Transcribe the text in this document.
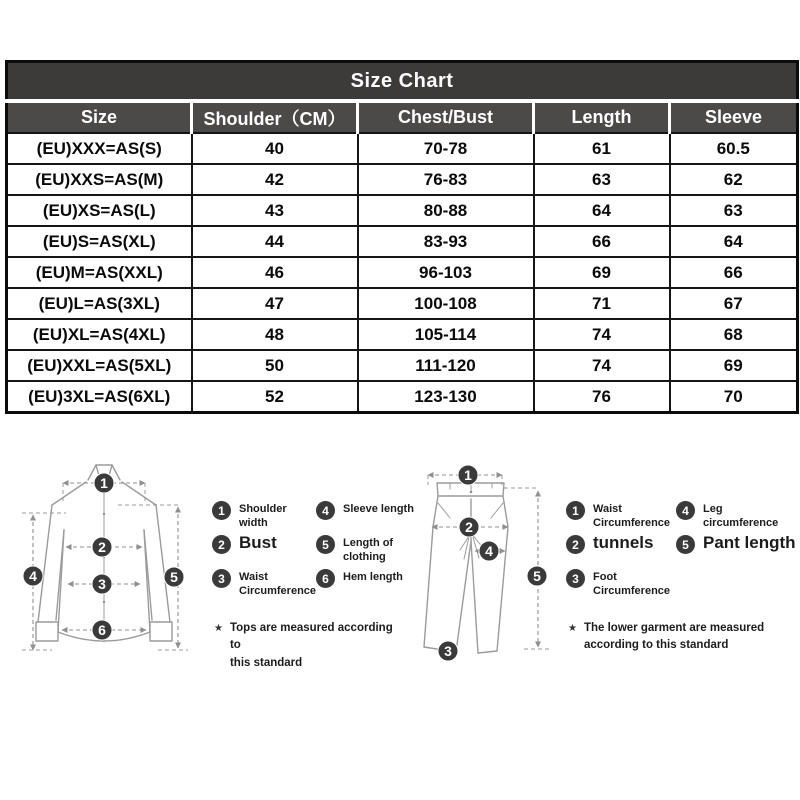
Size Chart				
Size	Shoulder（CM）	Chest/Bust	Length	Sleeve
(EU)XXX=AS(S)	40	70-78	61	60.5
(EU)XXS=AS(M)	42	76-83	63	62
(EU)XS=AS(L)	43	80-88	64	63
(EU)S=AS(XL)	44	83-93	66	64
(EU)M=AS(XXL)	46	96-103	69	66
(EU)L=AS(3XL)	47	100-108	71	67
(EU)XL=AS(4XL)	48	105-114	74	68
(EU)XXL=AS(5XL)	50	111-120	74	69
(EU)3XL=AS(6XL)	52	123-130	76	70
1
2
3
4	5
6
1	Shoulder width
2 Bust
3	Waist Circumference
4	Sleeve length
5	Length of clothing
6	Hem length
★ Tops are measured according to
this standard
1
2
4
5
3
1	Waist Circumference
2 tunnels
3	Foot Circumference
4	Leg circumference
5 Pant length
★ The lower garment are measured
according to this standard
